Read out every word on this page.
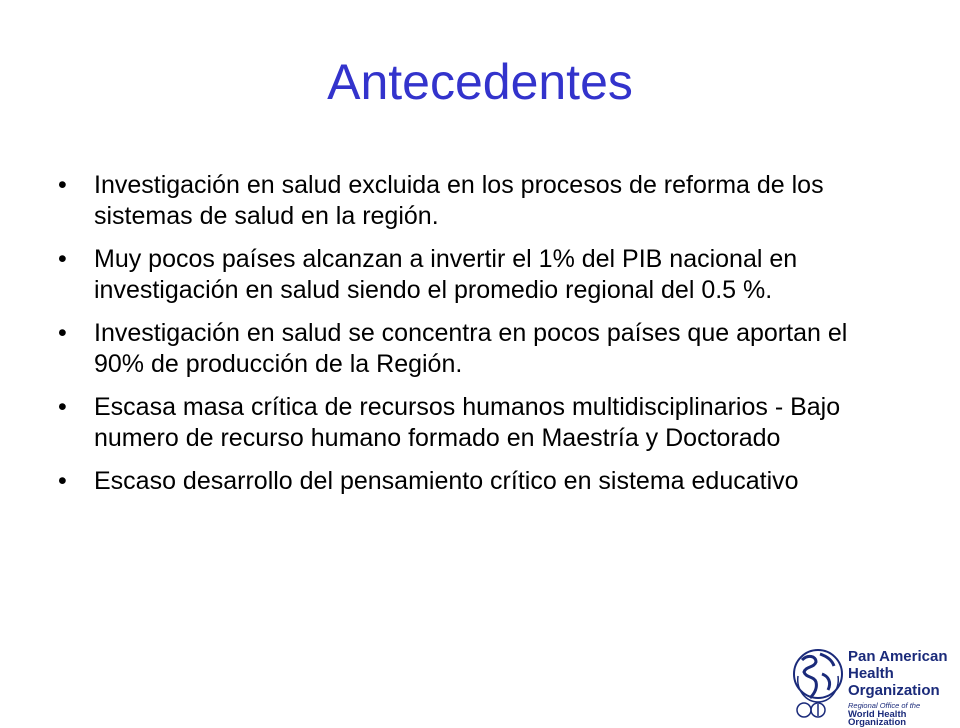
Antecedentes
• Investigación en salud excluida en los procesos de reforma de los sistemas de salud en la región.
• Muy pocos países alcanzan a invertir el 1% del PIB nacional en investigación en salud siendo el promedio regional del 0.5 %.
• Investigación en salud se concentra en pocos países que aportan el 90% de producción de la Región.
• Escasa masa crítica de recursos humanos multidisciplinarios - Bajo numero de recurso humano formado en Maestría y Doctorado
• Escaso desarrollo del pensamiento crítico en sistema educativo
Pan American
Health
Organization
Regional Office of the
World Health Organization
